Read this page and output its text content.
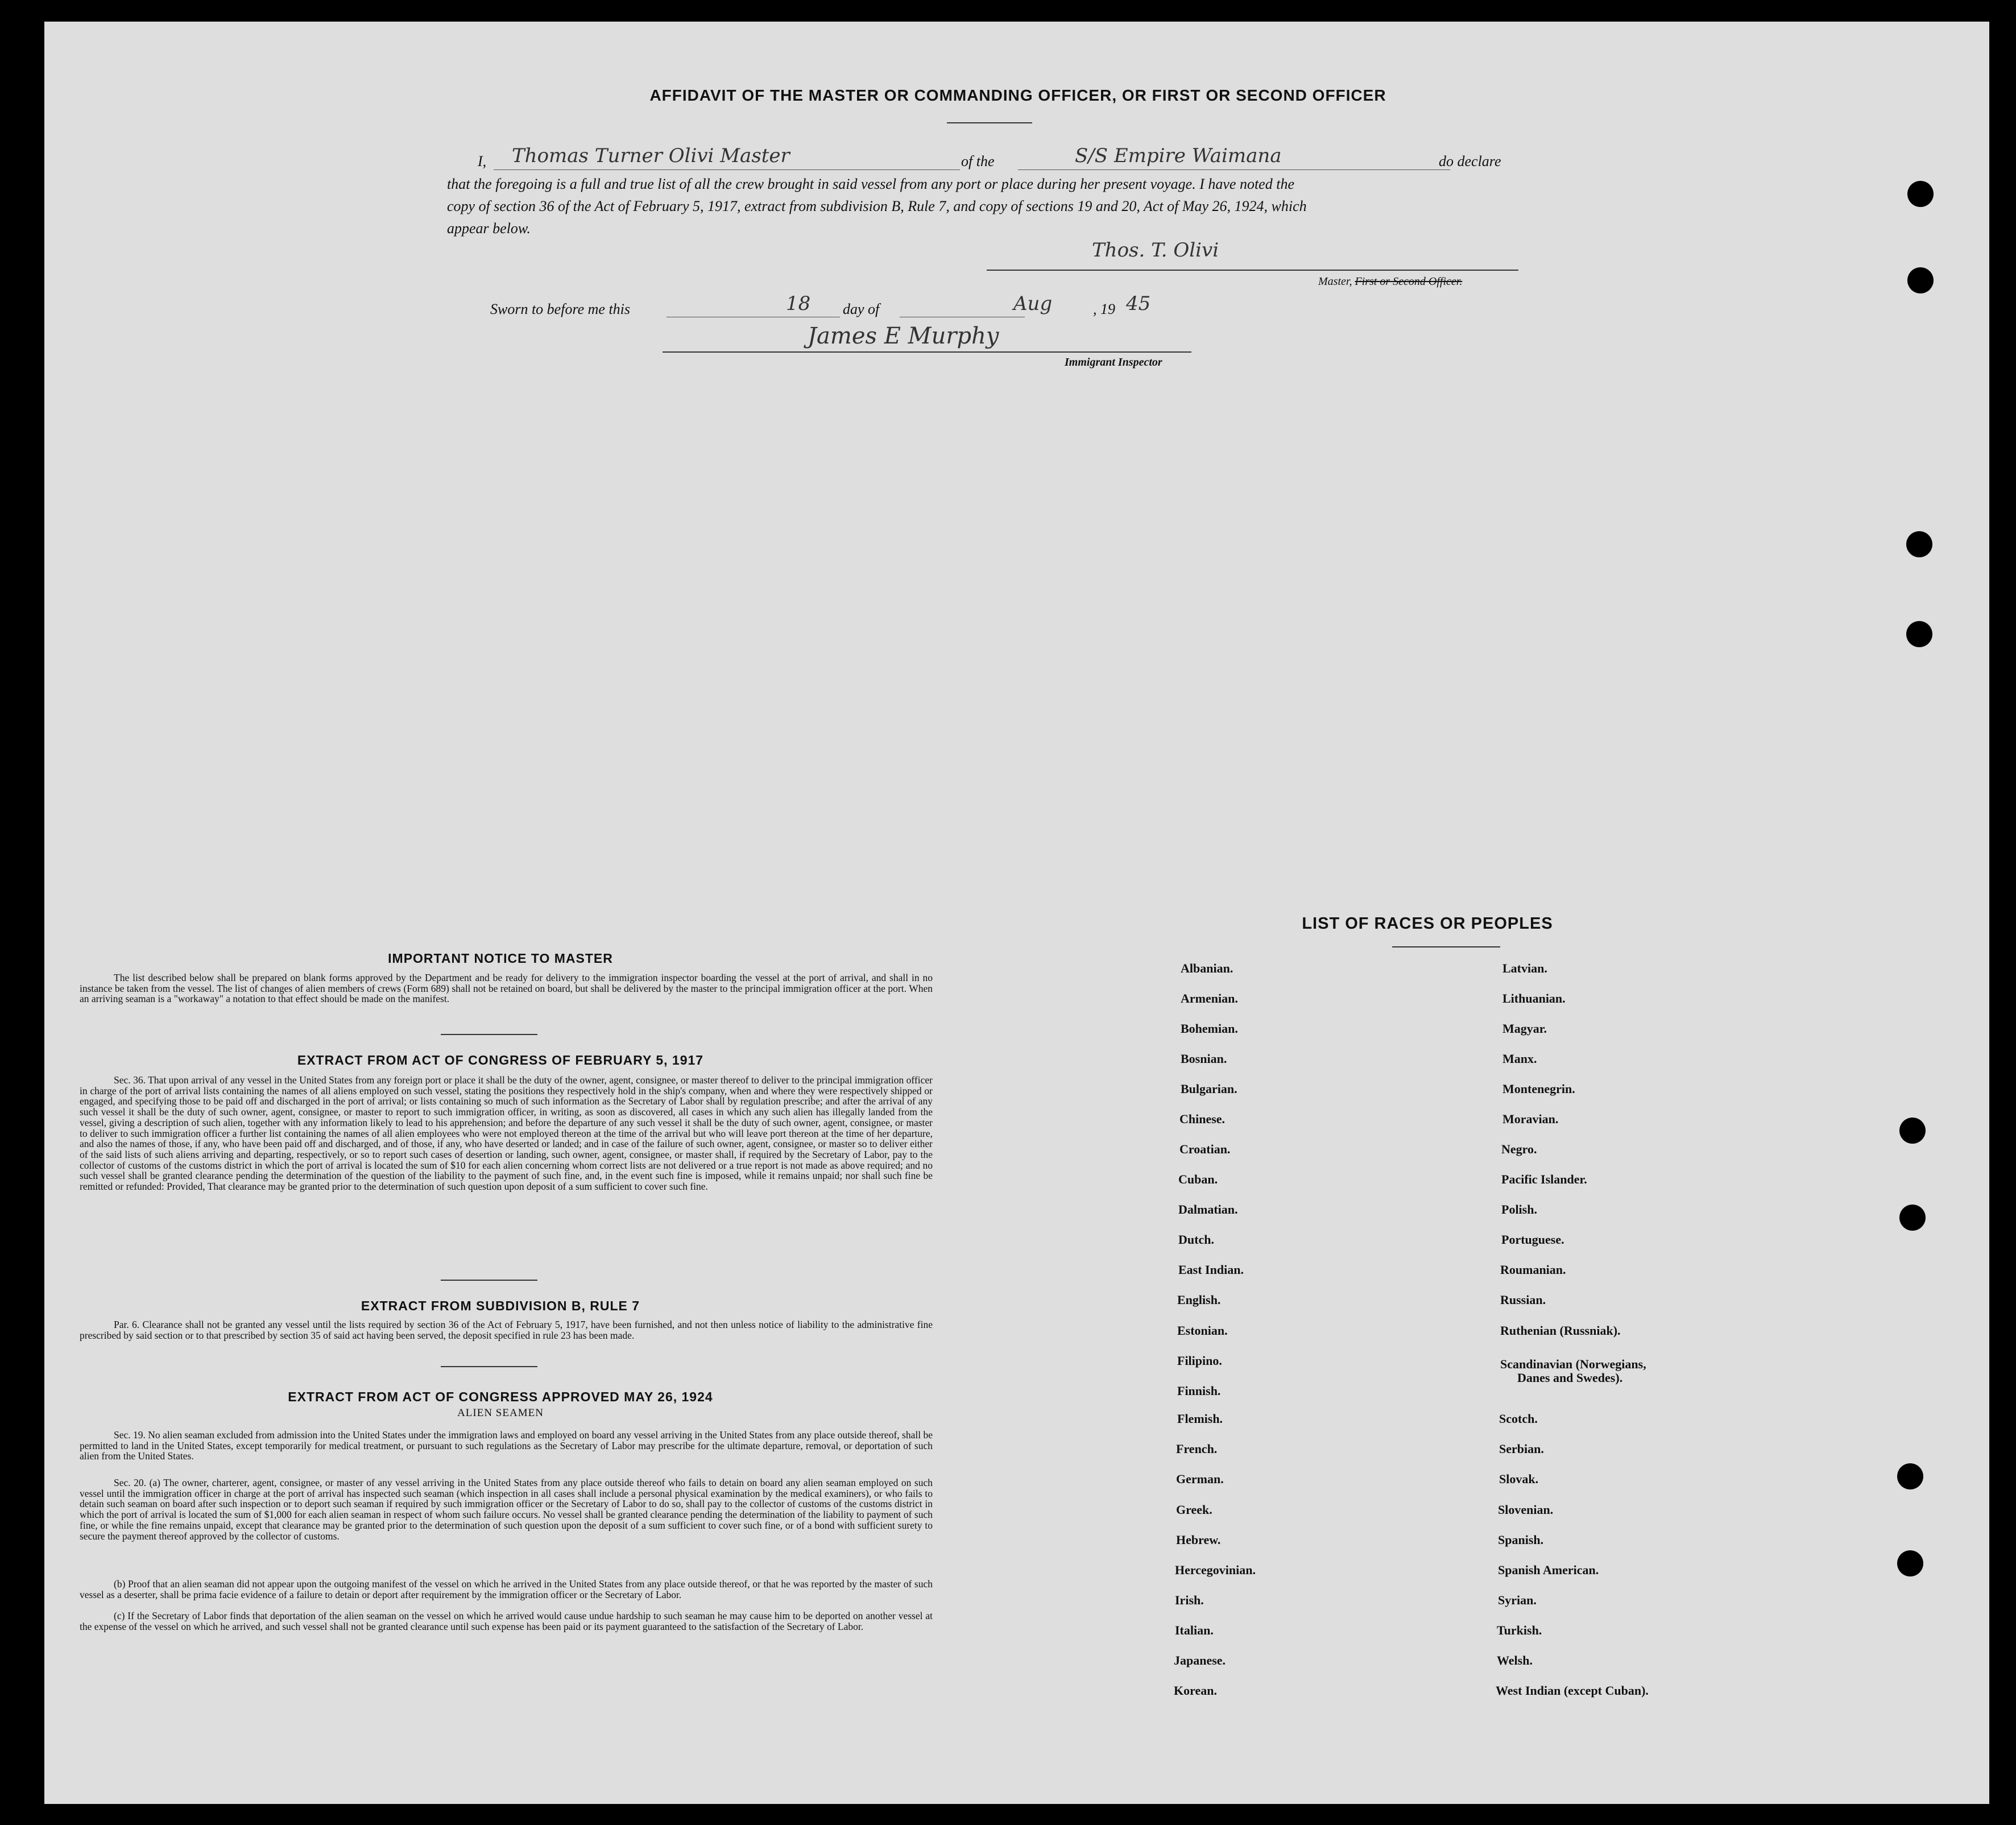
AFFIDAVIT OF THE MASTER OR COMMANDING OFFICER, OR FIRST OR SECOND OFFICER
I, Thomas Turner Olivi Master	of the	S/S Empire Waimana	do declare
that the foregoing is a full and true list of all the crew brought in said vessel from any port or place during her present voyage. I have noted the
copy of section 36 of the Act of February 5, 1917, extract from subdivision B, Rule 7, and copy of sections 19 and 20, Act of May 26, 1924, which
appear below.
Thos. T. Olivi
Master, First or Second Officer.
Sworn to before me this	18 day of	Aug	, 19 45
James E Murphy
Immigrant Inspector
IMPORTANT NOTICE TO MASTER
The list described below shall be prepared on blank forms approved by the Department and be ready for delivery to the immigration inspector boarding the vessel at the port of arrival, and shall in no instance be taken from the vessel. The list of changes of alien members of crews (Form 689) shall not be retained on board, but shall be delivered by the master to the principal immigration officer at the port. When an arriving seaman is a "workaway" a notation to that effect should be made on the manifest.
EXTRACT FROM ACT OF CONGRESS OF FEBRUARY 5, 1917
Sec. 36. That upon arrival of any vessel in the United States from any foreign port or place it shall be the duty of the owner, agent, consignee, or master thereof to deliver to the principal immigration officer in charge of the port of arrival lists containing the names of all aliens employed on such vessel, stating the positions they respectively hold in the ship's company, when and where they were respectively shipped or engaged, and specifying those to be paid off and discharged in the port of arrival; or lists containing so much of such information as the Secretary of Labor shall by regulation prescribe; and after the arrival of any such vessel it shall be the duty of such owner, agent, consignee, or master to report to such immigration officer, in writing, as soon as discovered, all cases in which any such alien has illegally landed from the vessel, giving a description of such alien, together with any information likely to lead to his apprehension; and before the departure of any such vessel it shall be the duty of such owner, agent, consignee, or master to deliver to such immigration officer a further list containing the names of all alien employees who were not employed thereon at the time of the arrival but who will leave port thereon at the time of her departure, and also the names of those, if any, who have been paid off and discharged, and of those, if any, who have deserted or landed; and in case of the failure of such owner, agent, consignee, or master so to deliver either of the said lists of such aliens arriving and departing, respectively, or so to report such cases of desertion or landing, such owner, agent, consignee, or master shall, if required by the Secretary of Labor, pay to the collector of customs of the customs district in which the port of arrival is located the sum of $10 for each alien concerning whom correct lists are not delivered or a true report is not made as above required; and no such vessel shall be granted clearance pending the determination of the question of the liability to the payment of such fine, and, in the event such fine is imposed, while it remains unpaid; nor shall such fine be remitted or refunded: Provided, That clearance may be granted prior to the determination of such question upon deposit of a sum sufficient to cover such fine.
EXTRACT FROM SUBDIVISION B, RULE 7
Par. 6. Clearance shall not be granted any vessel until the lists required by section 36 of the Act of February 5, 1917, have been furnished, and not then unless notice of liability to the administrative fine prescribed by said section or to that prescribed by section 35 of said act having been served, the deposit specified in rule 23 has been made.
EXTRACT FROM ACT OF CONGRESS APPROVED MAY 26, 1924
ALIEN SEAMEN
Sec. 19. No alien seaman excluded from admission into the United States under the immigration laws and employed on board any vessel arriving in the United States from any place outside thereof, shall be permitted to land in the United States, except temporarily for medical treatment, or pursuant to such regulations as the Secretary of Labor may prescribe for the ultimate departure, removal, or deportation of such alien from the United States.
Sec. 20. (a) The owner, charterer, agent, consignee, or master of any vessel arriving in the United States from any place outside thereof who fails to detain on board any alien seaman employed on such vessel until the immigration officer in charge at the port of arrival has inspected such seaman (which inspection in all cases shall include a personal physical examination by the medical examiners), or who fails to detain such seaman on board after such inspection or to deport such seaman if required by such immigration officer or the Secretary of Labor to do so, shall pay to the collector of customs of the customs district in which the port of arrival is located the sum of $1,000 for each alien seaman in respect of whom such failure occurs. No vessel shall be granted clearance pending the determination of the liability to payment of such fine, or while the fine remains unpaid, except that clearance may be granted prior to the determination of such question upon the deposit of a sum sufficient to cover such fine, or of a bond with sufficient surety to secure the payment thereof approved by the collector of customs.
(b) Proof that an alien seaman did not appear upon the outgoing manifest of the vessel on which he arrived in the United States from any place outside thereof, or that he was reported by the master of such vessel as a deserter, shall be prima facie evidence of a failure to detain or deport after requirement by the immigration officer or the Secretary of Labor.
(c) If the Secretary of Labor finds that deportation of the alien seaman on the vessel on which he arrived would cause undue hardship to such seaman he may cause him to be deported on another vessel at the expense of the vessel on which he arrived, and such vessel shall not be granted clearance until such expense has been paid or its payment guaranteed to the satisfaction of the Secretary of Labor.
LIST OF RACES OR PEOPLES
Albanian.
Armenian.
Bohemian.
Bosnian.
Bulgarian.
Chinese.
Croatian.
Cuban.
Dalmatian.
Dutch.
East Indian.
English.
Estonian.
Filipino.
Finnish.
Flemish.
French.
German.
Greek.
Hebrew.
Hercegovinian.
Irish.
Italian.
Japanese.
Korean.
Latvian.
Lithuanian.
Magyar.
Manx.
Montenegrin.
Moravian.
Negro.
Pacific Islander.
Polish.
Portuguese.
Roumanian.
Russian.
Ruthenian (Russniak).
Scandinavian (Norwegians,
Danes and Swedes).
Scotch.
Serbian.
Slovak.
Slovenian.
Spanish.
Spanish American.
Syrian.
Turkish.
Welsh.
West Indian (except Cuban).
